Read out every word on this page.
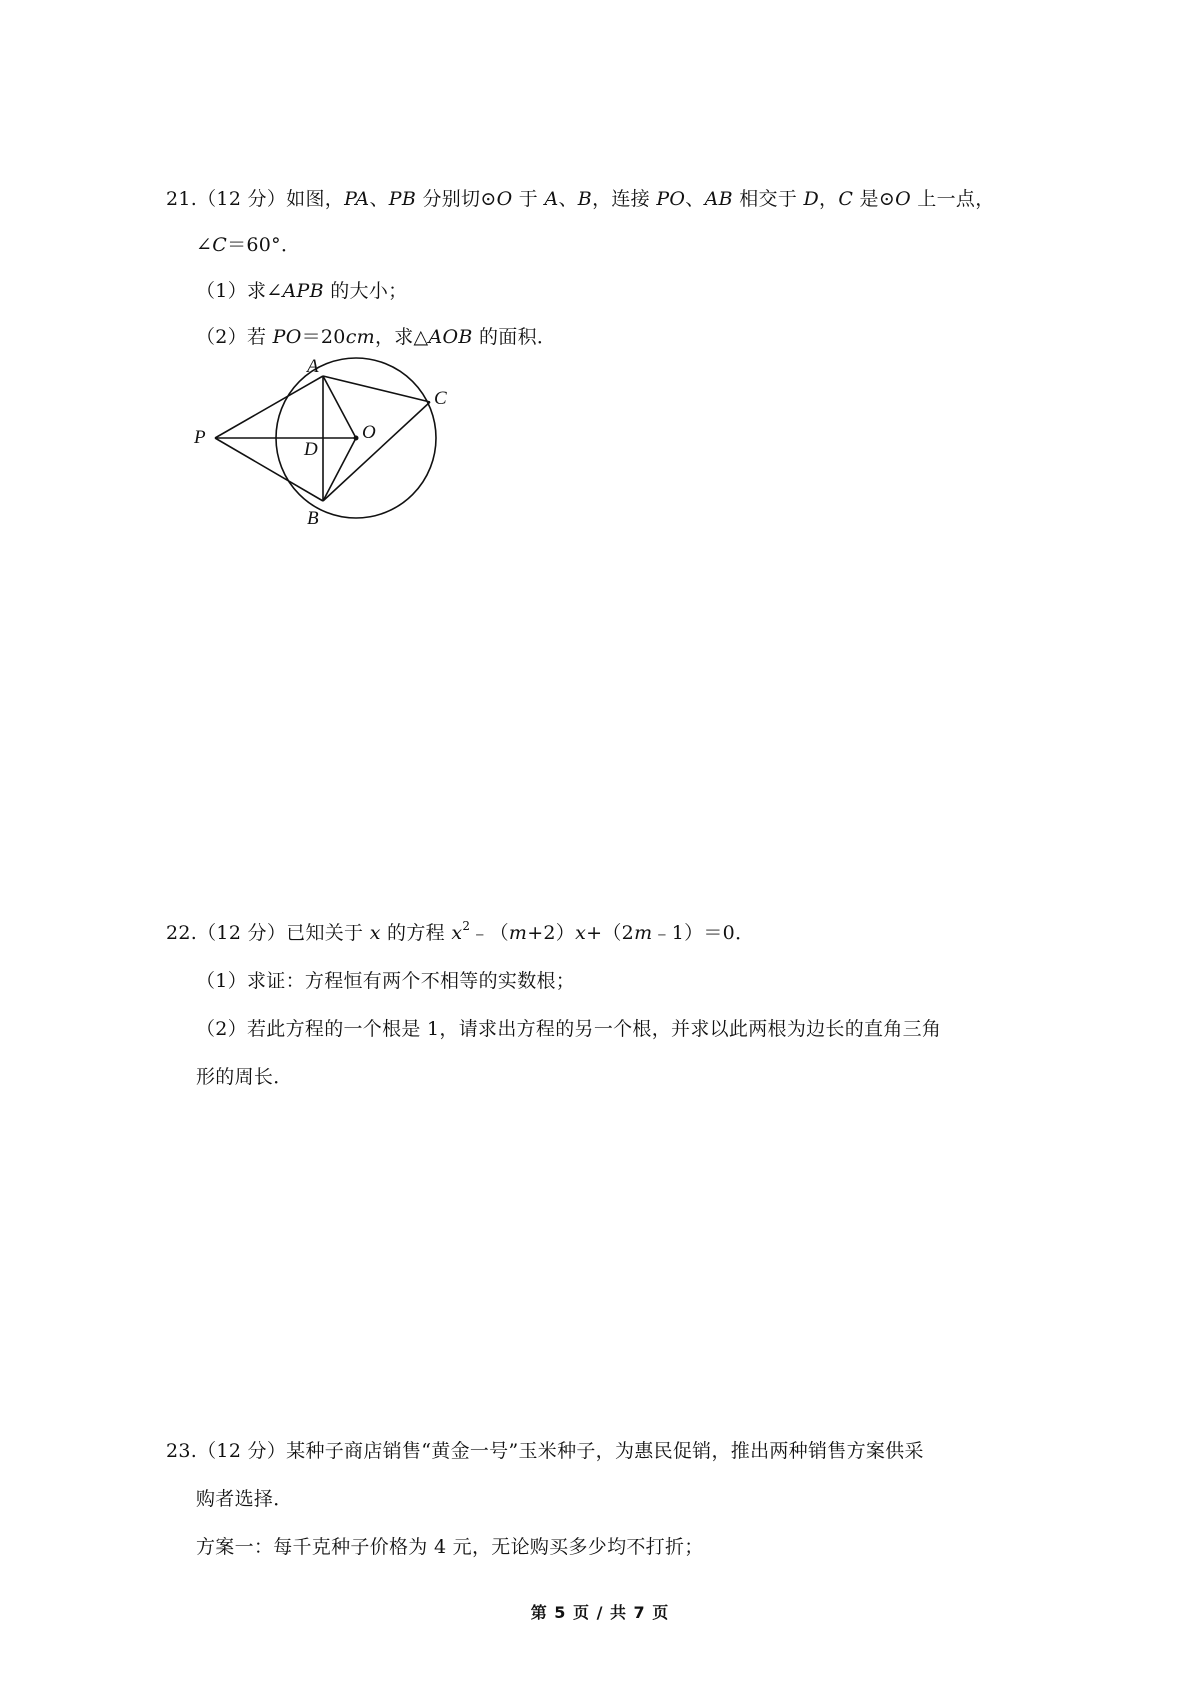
21.（12 分）如图，PA、PB 分别切⊙O 于 A、B，连接 PO、AB 相交于 D，C 是⊙O 上一点，
∠C＝60°．
（1）求∠APB 的大小；
（2）若 PO＝20cm，求△AOB 的面积．
A
B
C
D
O
P
22.（12 分）已知关于 x 的方程 $x^2﹣(m+2)x+(2m﹣1)=0$．
（1）求证：方程恒有两个不相等的实数根；
（2）若此方程的一个根是 1，请求出方程的另一个根，并求以此两根为边长的直角三角
形的周长．
23.（12 分）某种子商店销售“黄金一号”玉米种子，为惠民促销，推出两种销售方案供采
购者选择．
方案一：每千克种子价格为 4 元，无论购买多少均不打折；
第 5 页 / 共 7 页
